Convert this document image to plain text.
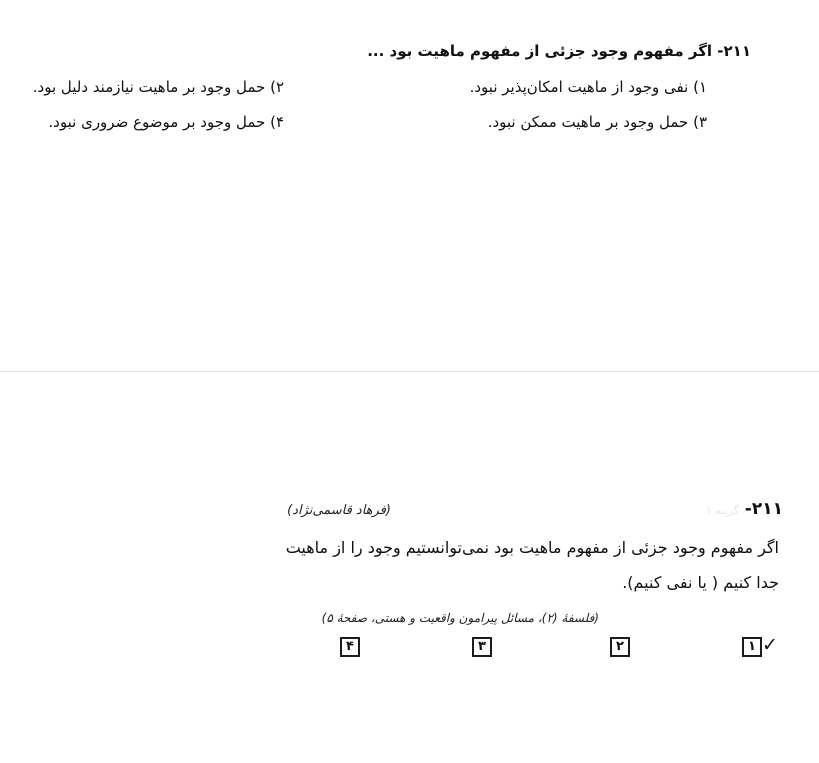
۲۱۱- اگر مفهوم وجود جزئی از مفهوم ماهیت بود ...
۱) نفی وجود از ماهیت امکان‌پذیر نبود.
۲) حمل وجود بر ماهیت نیازمند دلیل بود.
۳) حمل وجود بر ماهیت ممکن نبود.
۴) حمل وجود بر موضوع ضروری نبود.
۲۱۱-
گزینه ۱
(فرهاد قاسمی‌نژاد)
اگر مفهوم وجود جزئی از مفهوم ماهیت بود نمی‌توانستیم وجود را از ماهیت
جدا کنیم ( یا نفی کنیم).
(فلسفهٔ (۲)، مسائل پیرامون واقعیت و هستی، صفحهٔ ۵)
۱ ✓
۲
۳
۴
